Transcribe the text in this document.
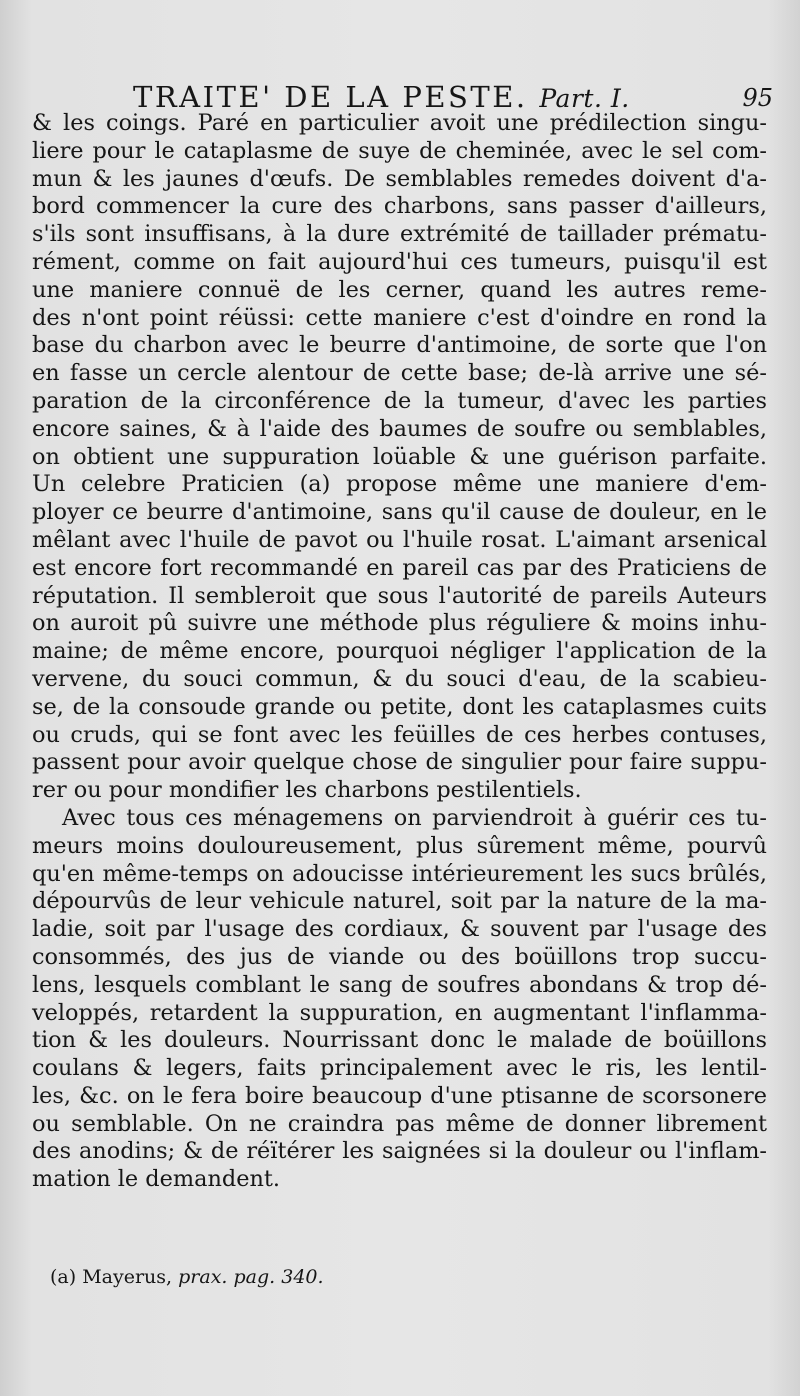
TRAITE' DE LA PESTE. Part. I.	95
& les coings. Paré en particulier avoit une prédilection singu-
liere pour le cataplasme de suye de cheminée, avec le sel com-
mun & les jaunes d'œufs. De semblables remedes doivent d'a-
bord commencer la cure des charbons, sans passer d'ailleurs,
s'ils sont insuffisans, à la dure extrémité de taillader prématu-
rément, comme on fait aujourd'hui ces tumeurs, puisqu'il est
une maniere connuë de les cerner, quand les autres reme-
des n'ont point réüssi: cette maniere c'est d'oindre en rond la
base du charbon avec le beurre d'antimoine, de sorte que l'on
en fasse un cercle alentour de cette base; de-là arrive une sé-
paration de la circonférence de la tumeur, d'avec les parties
encore saines, & à l'aide des baumes de soufre ou semblables,
on obtient une suppuration loüable & une guérison parfaite.
Un celebre Praticien (a) propose même une maniere d'em-
ployer ce beurre d'antimoine, sans qu'il cause de douleur, en le
mêlant avec l'huile de pavot ou l'huile rosat. L'aimant arsenical
est encore fort recommandé en pareil cas par des Praticiens de
réputation. Il sembleroit que sous l'autorité de pareils Auteurs
on auroit pû suivre une méthode plus réguliere & moins inhu-
maine; de même encore, pourquoi négliger l'application de la
vervene, du souci commun, & du souci d'eau, de la scabieu-
se, de la consoude grande ou petite, dont les cataplasmes cuits
ou cruds, qui se font avec les feüilles de ces herbes contuses,
passent pour avoir quelque chose de singulier pour faire suppu-
rer ou pour mondifier les charbons pestilentiels.
Avec tous ces ménagemens on parviendroit à guérir ces tu-
meurs moins douloureusement, plus sûrement même, pourvû
qu'en même-temps on adoucisse intérieurement les sucs brûlés,
dépourvûs de leur vehicule naturel, soit par la nature de la ma-
ladie, soit par l'usage des cordiaux, & souvent par l'usage des
consommés, des jus de viande ou des boüillons trop succu-
lens, lesquels comblant le sang de soufres abondans & trop dé-
veloppés, retardent la suppuration, en augmentant l'inflamma-
tion & les douleurs. Nourrissant donc le malade de boüillons
coulans & legers, faits principalement avec le ris, les lentil-
les, &c. on le fera boire beaucoup d'une ptisanne de scorsonere
ou semblable. On ne craindra pas même de donner librement
des anodins; & de réïtérer les saignées si la douleur ou l'inflam-
mation le demandent.
(a) Mayerus, prax. pag. 340.
